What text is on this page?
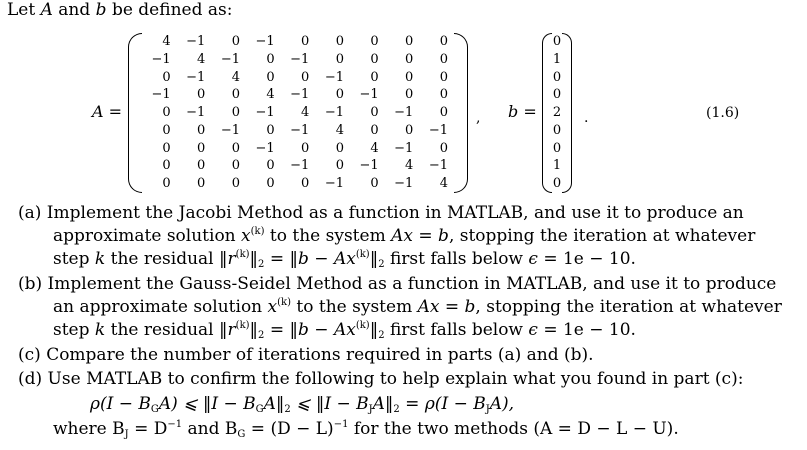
Let A and b be defined as:
A =
4	−1	0	−1	0	0	0	0	0
−1	4	−1	0	−1	0	0	0	0
0	−1	4	0	0	−1	0	0	0
−1	0	0	4	−1	0	−1	0	0
0	−1	0	−1	4	−1	0	−1	0
0	0	−1	0	−1	4	0	0	−1
0	0	0	−1	0	0	4	−1	0
0	0	0	0	−1	0	−1	4	−1
0	0	0	0	0	−1	0	−1	4
, b =
0
1
0
0
2
0
0
1
0
.	(1.6)
(a) Implement the Jacobi Method as a function in MATLAB, and use it to produce an
approximate solution $x^{(k)}$ to the system Ax = b, stopping the iteration at whatever
step k the residual $‖r^{(k)}‖_2$ = ‖b − $Ax^{(k)}‖_2$ first falls below ϵ = 1e − 10.
(b) Implement the Gauss-Seidel Method as a function in MATLAB, and use it to produce
an approximate solution $x^{(k)}$ to the system Ax = b, stopping the iteration at whatever
step k the residual $‖r^{(k)}‖_2$ = ‖b − $Ax^{(k)}‖_2$ first falls below ϵ = 1e − 10.
(c) Compare the number of iterations required in parts (a) and (b).
(d) Use MATLAB to confirm the following to help explain what you found in part (c):
$\rho(I - B_GA)$ ⩽ ‖I − $B_GA‖_2$ ⩽ ‖I − $B_JA‖_2 = \rho(I - B_JA)$,
where $B_J = D^{-1}$ and $B_G = (D - L)^{-1}$ for the two methods (A = D − L − U).
